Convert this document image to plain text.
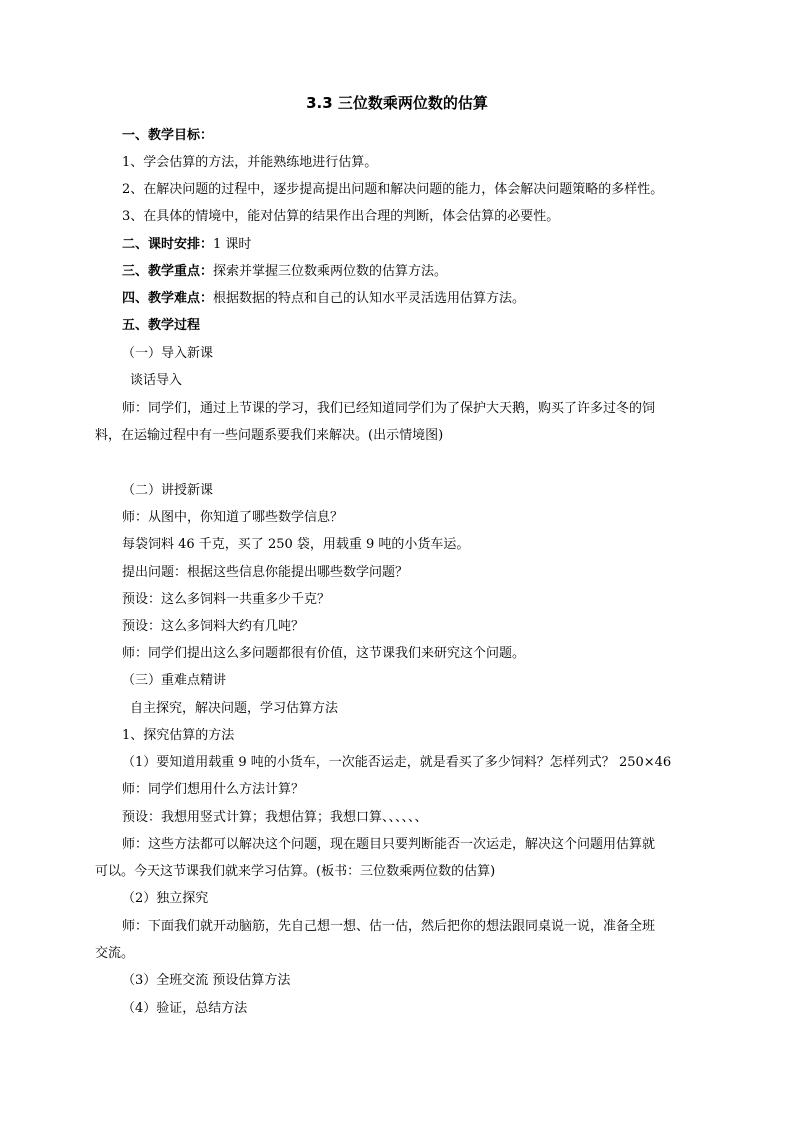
3.3 三位数乘两位数的估算
一、教学目标：
1、学会估算的方法，并能熟练地进行估算。
2、在解决问题的过程中，逐步提高提出问题和解决问题的能力，体会解决问题策略的多样性。
3、在具体的情境中，能对估算的结果作出合理的判断，体会估算的必要性。
二、课时安排：1 课时
三、教学重点：探索并掌握三位数乘两位数的估算方法。
四、教学难点：根据数据的特点和自己的认知水平灵活选用估算方法。
五、教学过程
（一）导入新课
谈话导入
师：同学们，通过上节课的学习，我们已经知道同学们为了保护大天鹅，购买了许多过冬的饲
料，在运输过程中有一些问题系要我们来解决。(出示情境图)
（二）讲授新课
师：从图中，你知道了哪些数学信息？
每袋饲料 46 千克，买了 250 袋，用载重 9 吨的小货车运。
提出问题：根据这些信息你能提出哪些数学问题？
预设：这么多饲料一共重多少千克？
预设：这么多饲料大约有几吨？
师：同学们提出这么多问题都很有价值，这节课我们来研究这个问题。
（三）重难点精讲
自主探究，解决问题，学习估算方法
1、探究估算的方法
（1）要知道用载重 9 吨的小货车，一次能否运走，就是看买了多少饲料？怎样列式？ 250×46
师：同学们想用什么方法计算？
预设：我想用竖式计算；我想估算；我想口算、、、、、、
师：这些方法都可以解决这个问题，现在题目只要判断能否一次运走，解决这个问题用估算就
可以。今天这节课我们就来学习估算。(板书：三位数乘两位数的估算)
（2）独立探究
师：下面我们就开动脑筋，先自己想一想、估一估，然后把你的想法跟同桌说一说，准备全班
交流。
（3）全班交流 预设估算方法
（4）验证，总结方法
